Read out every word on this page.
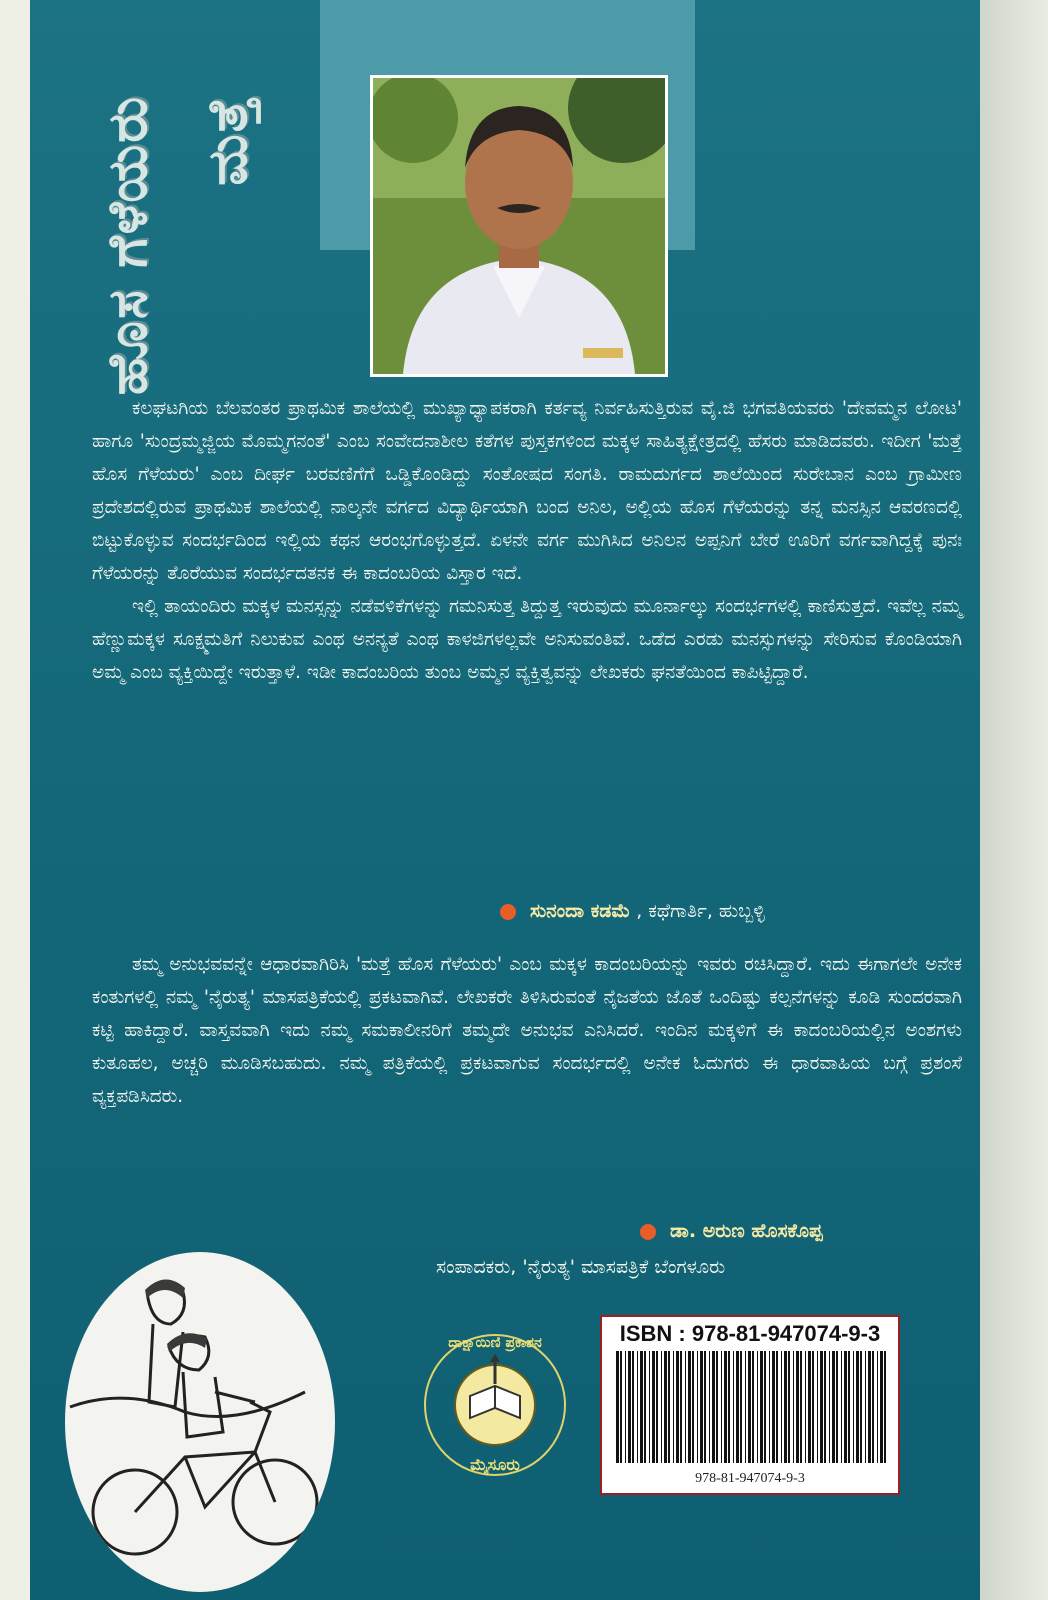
ಮತ್ತೆ
ಹೊಸ ಗೆಳೆಯರು

ಕಲಘಟಗಿಯ ಬೆಲವಂತರ ಪ್ರಾಥಮಿಕ ಶಾಲೆಯಲ್ಲಿ ಮುಖ್ಯಾಧ್ಯಾಪಕರಾಗಿ ಕರ್ತವ್ಯ ನಿರ್ವಹಿಸುತ್ತಿರುವ ವೈ.ಜಿ ಭಗವತಿಯವರು 'ದೇವಮ್ಮನ ಲೋಟ' ಹಾಗೂ 'ಸುಂದ್ರಮ್ಮಜ್ಜಿಯ ಮೊಮ್ಮಗನಂತೆ' ಎಂಬ ಸಂವೇದನಾಶೀಲ ಕತೆಗಳ ಪುಸ್ತಕಗಳಿಂದ ಮಕ್ಕಳ ಸಾಹಿತ್ಯಕ್ಷೇತ್ರದಲ್ಲಿ ಹೆಸರು ಮಾಡಿದವರು. ಇದೀಗ 'ಮತ್ತೆ ಹೊಸ ಗೆಳೆಯರು' ಎಂಬ ದೀರ್ಘ ಬರವಣಿಗೆಗೆ ಒಡ್ಡಿಕೊಂಡಿದ್ದು ಸಂತೋಷದ ಸಂಗತಿ. ರಾಮದುರ್ಗದ ಶಾಲೆಯಿಂದ ಸುರೇಬಾನ ಎಂಬ ಗ್ರಾಮೀಣ ಪ್ರದೇಶದಲ್ಲಿರುವ ಪ್ರಾಥಮಿಕ ಶಾಲೆಯಲ್ಲಿ ನಾಲ್ಕನೇ ವರ್ಗದ ವಿದ್ಯಾರ್ಥಿಯಾಗಿ ಬಂದ ಅನಿಲ, ಅಲ್ಲಿಯ ಹೊಸ ಗೆಳೆಯರನ್ನು ತನ್ನ ಮನಸ್ಸಿನ ಆವರಣದಲ್ಲಿ ಬಿಟ್ಟುಕೊಳ್ಳುವ ಸಂದರ್ಭದಿಂದ ಇಲ್ಲಿಯ ಕಥನ ಆರಂಭಗೊಳ್ಳುತ್ತದೆ. ಏಳನೇ ವರ್ಗ ಮುಗಿಸಿದ ಅನಿಲನ ಅಪ್ಪನಿಗೆ ಬೇರೆ ಊರಿಗೆ ವರ್ಗವಾಗಿದ್ದಕ್ಕೆ ಪುನಃ ಗೆಳೆಯರನ್ನು ತೊರೆಯುವ ಸಂದರ್ಭದತನಕ ಈ ಕಾದಂಬರಿಯ ವಿಸ್ತಾರ ಇದೆ.

ಇಲ್ಲಿ ತಾಯಂದಿರು ಮಕ್ಕಳ ಮನಸ್ಸನ್ನು ನಡೆವಳಿಕೆಗಳನ್ನು ಗಮನಿಸುತ್ತ ತಿದ್ದುತ್ತ ಇರುವುದು ಮೂರ್ನಾಲ್ಕು ಸಂದರ್ಭಗಳಲ್ಲಿ ಕಾಣಿಸುತ್ತದೆ. ಇವೆಲ್ಲ ನಮ್ಮ ಹೆಣ್ಣುಮಕ್ಕಳ ಸೂಕ್ಷ್ಮಮತಿಗೆ ನಿಲುಕುವ ಎಂಥ ಅನನ್ಯತೆ ಎಂಥ ಕಾಳಜಿಗಳಲ್ಲವೇ ಅನಿಸುವಂತಿವೆ. ಒಡೆದ ಎರಡು ಮನಸ್ಸುಗಳನ್ನು ಸೇರಿಸುವ ಕೊಂಡಿಯಾಗಿ ಅಮ್ಮ ಎಂಬ ವ್ಯಕ್ತಿಯಿದ್ದೇ ಇರುತ್ತಾಳೆ. ಇಡೀ ಕಾದಂಬರಿಯ ತುಂಬ ಅಮ್ಮನ ವ್ಯಕ್ತಿತ್ವವನ್ನು ಲೇಖಕರು ಘನತೆಯಿಂದ ಕಾಪಿಟ್ಟಿದ್ದಾರೆ.

ಸುನಂದಾ ಕಡಮೆ , ಕಥೆಗಾರ್ತಿ, ಹುಬ್ಬಳ್ಳಿ

ತಮ್ಮ ಅನುಭವವನ್ನೇ ಆಧಾರವಾಗಿರಿಸಿ 'ಮತ್ತೆ ಹೊಸ ಗೆಳೆಯರು' ಎಂಬ ಮಕ್ಕಳ ಕಾದಂಬರಿಯನ್ನು ಇವರು ರಚಿಸಿದ್ದಾರೆ. ಇದು ಈಗಾಗಲೇ ಅನೇಕ ಕಂತುಗಳಲ್ಲಿ ನಮ್ಮ 'ನೈರುತ್ಯ' ಮಾಸಪತ್ರಿಕೆಯಲ್ಲಿ ಪ್ರಕಟವಾಗಿವೆ. ಲೇಖಕರೇ ತಿಳಿಸಿರುವಂತೆ ನೈಜತೆಯ ಜೊತೆ ಒಂದಿಷ್ಟು ಕಲ್ಪನೆಗಳನ್ನು ಕೂಡಿ ಸುಂದರವಾಗಿ ಕಟ್ಟಿ ಹಾಕಿದ್ದಾರೆ. ವಾಸ್ತವವಾಗಿ ಇದು ನಮ್ಮ ಸಮಕಾಲೀನರಿಗೆ ತಮ್ಮದೇ ಅನುಭವ ಎನಿಸಿದರೆ. ಇಂದಿನ ಮಕ್ಕಳಿಗೆ ಈ ಕಾದಂಬರಿಯಲ್ಲಿನ ಅಂಶಗಳು ಕುತೂಹಲ, ಅಚ್ಚರಿ ಮೂಡಿಸಬಹುದು. ನಮ್ಮ ಪತ್ರಿಕೆಯಲ್ಲಿ ಪ್ರಕಟವಾಗುವ ಸಂದರ್ಭದಲ್ಲಿ ಅನೇಕ ಓದುಗರು ಈ ಧಾರವಾಹಿಯ ಬಗ್ಗೆ ಪ್ರಶಂಸೆ ವ್ಯಕ್ತಪಡಿಸಿದರು.

ಡಾ. ಅರುಣ ಹೊಸಕೊಪ್ಪ
ಸಂಪಾದಕರು, 'ನೈರುತ್ಯ' ಮಾಸಪತ್ರಿಕೆ ಬೆಂಗಳೂರು
ದಾಕ್ಷಾಯಿಣಿ ಪ್ರಕಾಶನ
ಮೈಸೂರು
ISBN : 978-81-947074-9-3
978-81-947074-9-3
